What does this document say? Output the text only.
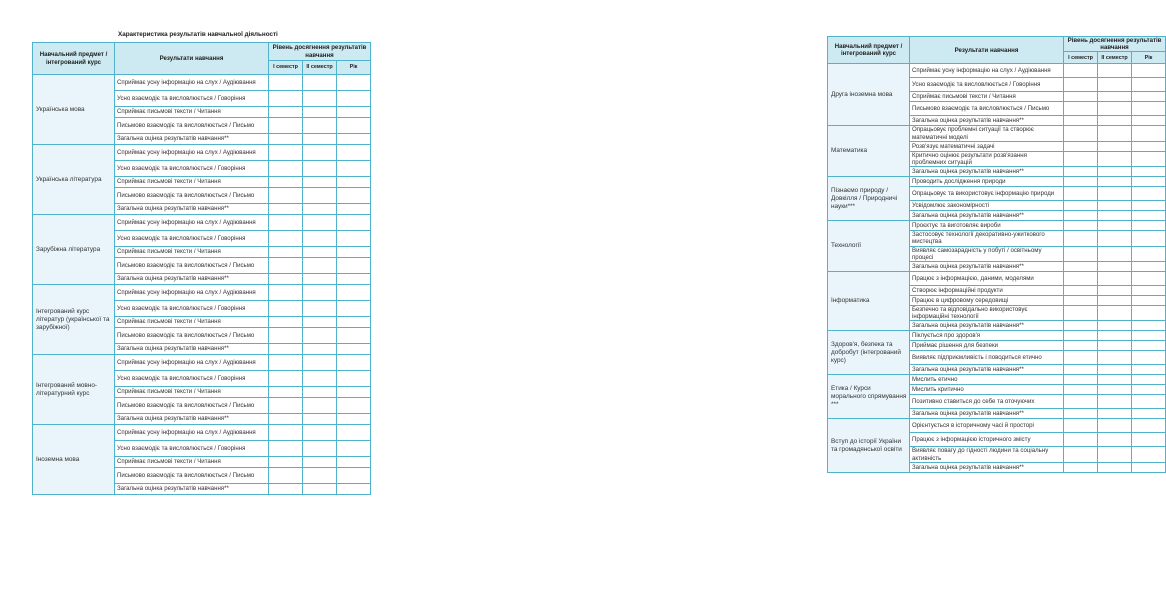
Характеристика результатів навчальної діяльності
Навчальний предмет / інтегрований курс	Результати навчання	Рівень досягнення результатів навчання		
		І семестр	ІІ семестр	Рік
Українська мова	Сприймає усну інформацію на слух / Аудіювання			
	Усно взаємодіє та висловлюється / Говоріння			
	Сприймає письмові тексти / Читання			
	Письмово взаємодіє та висловлюється / Письмо			
	Загальна оцінка результатів навчання**			
Українська література	Сприймає усну інформацію на слух / Аудіювання			
	Усно взаємодіє та висловлюється / Говоріння			
	Сприймає письмові тексти / Читання			
	Письмово взаємодіє та висловлюється / Письмо			
	Загальна оцінка результатів навчання**			
Зарубіжна література	Сприймає усну інформацію на слух / Аудіювання			
	Усно взаємодіє та висловлюється / Говоріння			
	Сприймає письмові тексти / Читання			
	Письмово взаємодіє та висловлюється / Письмо			
	Загальна оцінка результатів навчання**			
Інтегрований курс літератур (української та зарубіжної)	Сприймає усну інформацію на слух / Аудіювання			
	Усно взаємодіє та висловлюється / Говоріння			
	Сприймає письмові тексти / Читання			
	Письмово взаємодіє та висловлюється / Письмо			
	Загальна оцінка результатів навчання**			
Інтегрований мовно-літературний курс	Сприймає усну інформацію на слух / Аудіювання			
	Усно взаємодіє та висловлюється / Говоріння			
	Сприймає письмові тексти / Читання			
	Письмово взаємодіє та висловлюється / Письмо			
	Загальна оцінка результатів навчання**			
Іноземна мова	Сприймає усну інформацію на слух / Аудіювання			
	Усно взаємодіє та висловлюється / Говоріння			
	Сприймає письмові тексти / Читання			
	Письмово взаємодіє та висловлюється / Письмо			
	Загальна оцінка результатів навчання**			
Навчальний предмет / інтегрований курс	Результати навчання	Рівень досягнення результатів навчання		
		І семестр	ІІ семестр	Рік
Друга іноземна мова	Сприймає усну інформацію на слух / Аудіювання			
	Усно взаємодіє та висловлюється / Говоріння			
	Сприймає письмові тексти / Читання			
	Письмово взаємодіє та висловлюється / Письмо			
	Загальна оцінка результатів навчання**			
Математика	Опрацьовує проблемні ситуації та створює математичні моделі			
	Розв'язує математичні задачі			
	Критично оцінює результати розв'язання проблемних ситуацій			
	Загальна оцінка результатів навчання**			
Пізнаємо природу / Довкілля / Природничі науки***	Проводить дослідження природи			
	Опрацьовує та використовує інформацію природи			
	Усвідомлює закономірності			
	Загальна оцінка результатів навчання**			
Технології	Проєктує та виготовляє вироби			
	Застосовує технології декоративно-ужиткового мистецтва			
	Виявляє самозарадність у побуті / освітньому процесі			
	Загальна оцінка результатів навчання**			
Інформатика	Працює з інформацією, даними, моделями			
	Створює інформаційні продукти			
	Працює в цифровому середовищі			
	Безпечно та відповідально використовує інформаційні технології			
	Загальна оцінка результатів навчання**			
Здоров'я, безпека та добробут (інтегрований курс)	Піклується про здоров'я			
	Приймає рішення для безпеки			
	Виявляє підприємливість і поводиться етично			
	Загальна оцінка результатів навчання**			
Етика / Курси морального спрямування ***	Мислить етично			
	Мислить критично			
	Позитивно ставиться до себе та оточуючих			
	Загальна оцінка результатів навчання**			
Вступ до історії України та громадянської освіти	Орієнтується в історичному часі й просторі			
	Працює з інформацією історичного змісту			
	Виявляє повагу до гідності людини та соціальну активність			
	Загальна оцінка результатів навчання**			
